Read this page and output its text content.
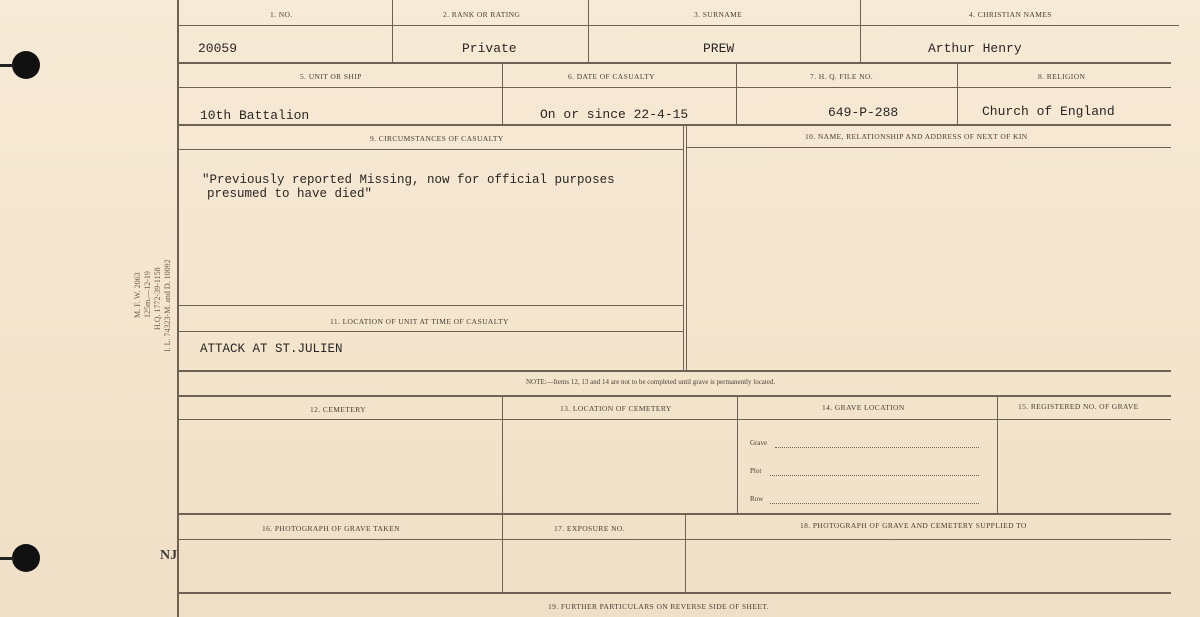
M. F. W. 2063 125m.—12-19 H.Q. 1772-39-1158 I. L. 74323-M. and D. 10092
NJ
1. NO.	2. RANK OR RATING	3. SURNAME	4. CHRISTIAN NAMES
20059	Private	PREW	Arthur Henry
5. UNIT OR SHIP	6. DATE OF CASUALTY	7. H. Q. FILE NO.	8. RELIGION
10th Battalion	On or since 22-4-15	649-P-288	Church of England
9. CIRCUMSTANCES OF CASUALTY	10. NAME, RELATIONSHIP AND ADDRESS OF NEXT OF KIN
"Previously reported Missing, now for official purposes
presumed to have died"
11. LOCATION OF UNIT AT TIME OF CASUALTY
ATTACK AT ST.JULIEN
NOTE:—Items 12, 13 and 14 are not to be completed until grave is permanently located.
12. CEMETERY	13. LOCATION OF CEMETERY	14. GRAVE LOCATION	15. REGISTERED NO. OF GRAVE
Grave
Plot
Row
16. PHOTOGRAPH OF GRAVE TAKEN	17. EXPOSURE NO.	18. PHOTOGRAPH OF GRAVE AND CEMETERY SUPPLIED TO
19. FURTHER PARTICULARS ON REVERSE SIDE OF SHEET.
